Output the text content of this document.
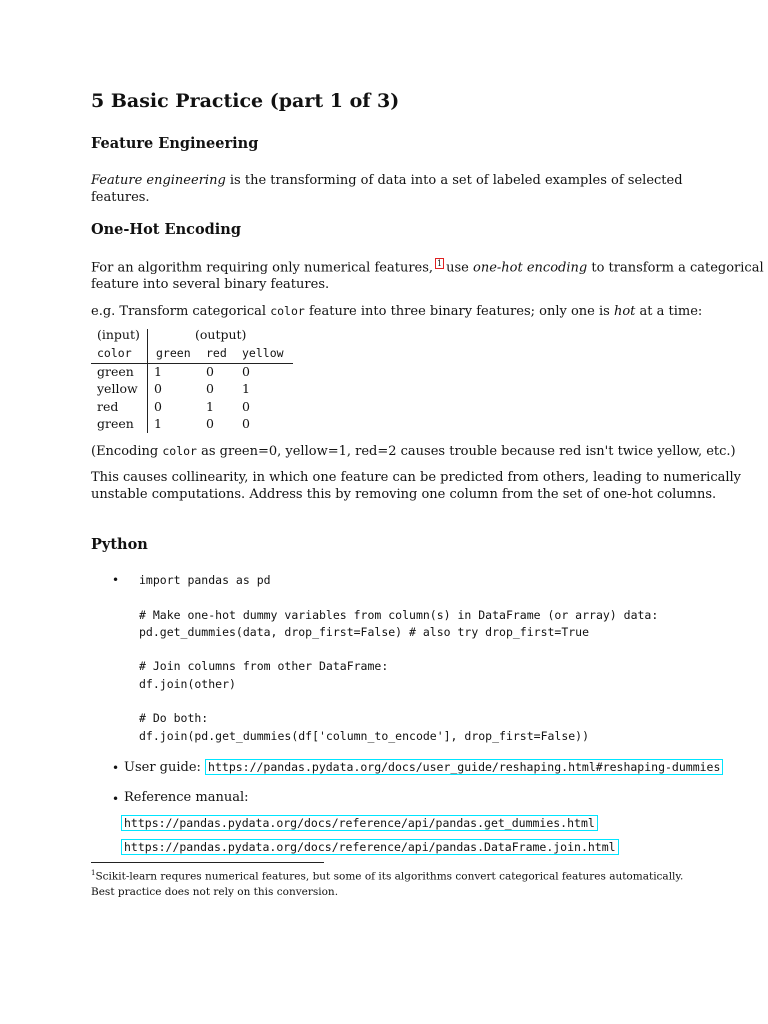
5 Basic Practice (part 1 of 3)
Feature Engineering
Feature engineering is the transforming of data into a set of labeled examples of selected features.
One-Hot Encoding
For an algorithm requiring only numerical features, 1 use one-hot encoding to transform a categorical
feature into several binary features.
e.g. Transform categorical color feature into three binary features; only one is hot at a time:
(input)	(output)
color green red yellow
green 1	0 0
yellow 0	0 1
red	0	1 0
green 1	0 0
(Encoding color as green=0, yellow=1, red=2 causes trouble because red isn't twice yellow, etc.)
This causes collinearity, in which one feature can be predicted from others, leading to numerically
unstable computations. Address this by removing one column from the set of one-hot columns.
Python
• import pandas as pd
# Make one-hot dummy variables from column(s) in DataFrame (or array) data:
pd.get_dummies(data, drop_first=False) # also try drop_first=True
# Join columns from other DataFrame:
df.join(other)
# Do both:
df.join(pd.get_dummies(df['column_to_encode'], drop_first=False))
• User guide: https://pandas.pydata.org/docs/user_guide/reshaping.html#reshaping-dummies
• Reference manual:
https://pandas.pydata.org/docs/reference/api/pandas.get_dummies.html
https://pandas.pydata.org/docs/reference/api/pandas.DataFrame.join.html
$^1$Scikit-learn requres numerical features, but some of its algorithms convert categorical features automatically.
Best practice does not rely on this conversion.
